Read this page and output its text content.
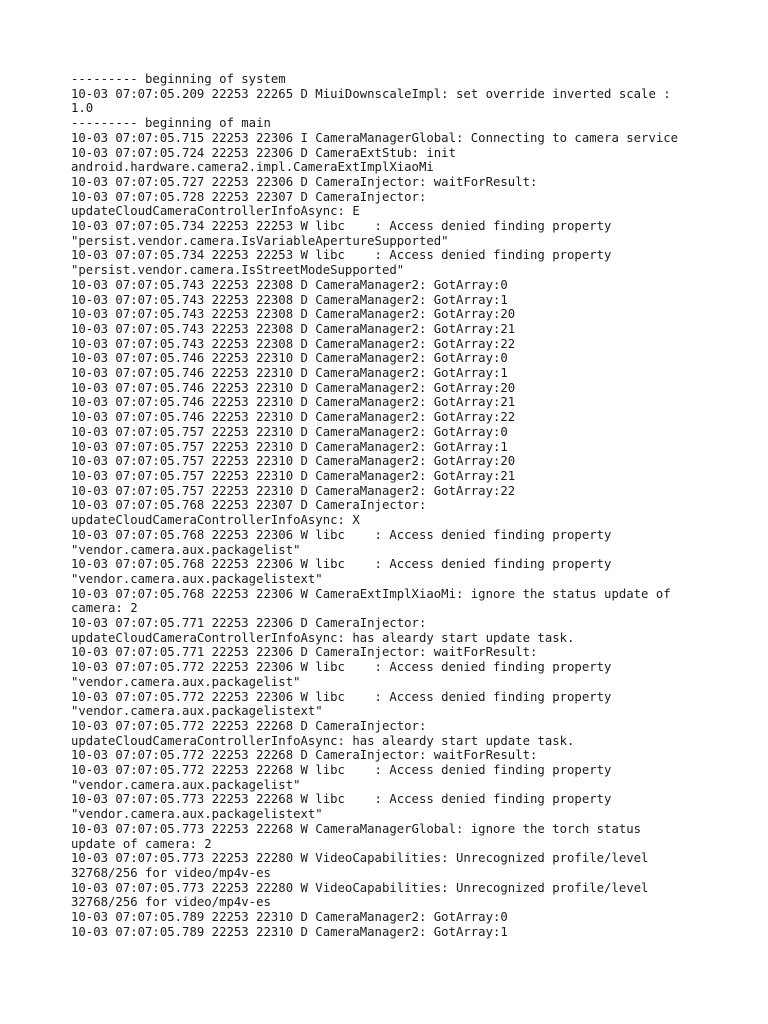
--------- beginning of system
10-03 07:07:05.209 22253 22265 D MiuiDownscaleImpl: set override inverted scale :
1.0
--------- beginning of main
10-03 07:07:05.715 22253 22306 I CameraManagerGlobal: Connecting to camera service
10-03 07:07:05.724 22253 22306 D CameraExtStub: init
android.hardware.camera2.impl.CameraExtImplXiaoMi
10-03 07:07:05.727 22253 22306 D CameraInjector: waitForResult:
10-03 07:07:05.728 22253 22307 D CameraInjector:
updateCloudCameraControllerInfoAsync: E
10-03 07:07:05.734 22253 22253 W libc    : Access denied finding property
"persist.vendor.camera.IsVariableApertureSupported"
10-03 07:07:05.734 22253 22253 W libc    : Access denied finding property
"persist.vendor.camera.IsStreetModeSupported"
10-03 07:07:05.743 22253 22308 D CameraManager2: GotArray:0
10-03 07:07:05.743 22253 22308 D CameraManager2: GotArray:1
10-03 07:07:05.743 22253 22308 D CameraManager2: GotArray:20
10-03 07:07:05.743 22253 22308 D CameraManager2: GotArray:21
10-03 07:07:05.743 22253 22308 D CameraManager2: GotArray:22
10-03 07:07:05.746 22253 22310 D CameraManager2: GotArray:0
10-03 07:07:05.746 22253 22310 D CameraManager2: GotArray:1
10-03 07:07:05.746 22253 22310 D CameraManager2: GotArray:20
10-03 07:07:05.746 22253 22310 D CameraManager2: GotArray:21
10-03 07:07:05.746 22253 22310 D CameraManager2: GotArray:22
10-03 07:07:05.757 22253 22310 D CameraManager2: GotArray:0
10-03 07:07:05.757 22253 22310 D CameraManager2: GotArray:1
10-03 07:07:05.757 22253 22310 D CameraManager2: GotArray:20
10-03 07:07:05.757 22253 22310 D CameraManager2: GotArray:21
10-03 07:07:05.757 22253 22310 D CameraManager2: GotArray:22
10-03 07:07:05.768 22253 22307 D CameraInjector:
updateCloudCameraControllerInfoAsync: X
10-03 07:07:05.768 22253 22306 W libc    : Access denied finding property
"vendor.camera.aux.packagelist"
10-03 07:07:05.768 22253 22306 W libc    : Access denied finding property
"vendor.camera.aux.packagelistext"
10-03 07:07:05.768 22253 22306 W CameraExtImplXiaoMi: ignore the status update of
camera: 2
10-03 07:07:05.771 22253 22306 D CameraInjector:
updateCloudCameraControllerInfoAsync: has aleardy start update task.
10-03 07:07:05.771 22253 22306 D CameraInjector: waitForResult:
10-03 07:07:05.772 22253 22306 W libc    : Access denied finding property
"vendor.camera.aux.packagelist"
10-03 07:07:05.772 22253 22306 W libc    : Access denied finding property
"vendor.camera.aux.packagelistext"
10-03 07:07:05.772 22253 22268 D CameraInjector:
updateCloudCameraControllerInfoAsync: has aleardy start update task.
10-03 07:07:05.772 22253 22268 D CameraInjector: waitForResult:
10-03 07:07:05.772 22253 22268 W libc    : Access denied finding property
"vendor.camera.aux.packagelist"
10-03 07:07:05.773 22253 22268 W libc    : Access denied finding property
"vendor.camera.aux.packagelistext"
10-03 07:07:05.773 22253 22268 W CameraManagerGlobal: ignore the torch status
update of camera: 2
10-03 07:07:05.773 22253 22280 W VideoCapabilities: Unrecognized profile/level
32768/256 for video/mp4v-es
10-03 07:07:05.773 22253 22280 W VideoCapabilities: Unrecognized profile/level
32768/256 for video/mp4v-es
10-03 07:07:05.789 22253 22310 D CameraManager2: GotArray:0
10-03 07:07:05.789 22253 22310 D CameraManager2: GotArray:1
